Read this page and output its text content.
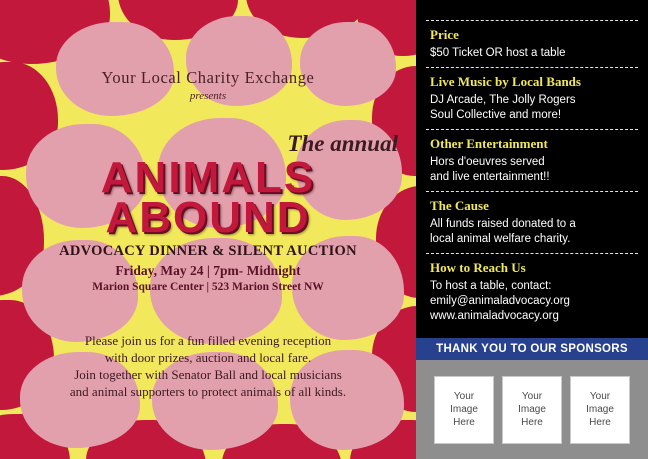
Your Local Charity Exchange
presents
The annual
ANIMALS
ABOUND
ADVOCACY DINNER & SILENT AUCTION
Friday, May 24 | 7pm- Midnight
Marion Square Center | 523 Marion Street NW
Please join us for a fun filled evening reception
with door prizes, auction and local fare.
Join together with Senator Ball and local musicians
and animal supporters to protect animals of all kinds.
Price
$50 Ticket OR host a table
Live Music by Local Bands
DJ Arcade, The Jolly Rogers
Soul Collective and more!
Other Entertainment
Hors d'oeuvres served
and live entertainment!!
The Cause
All funds raised donated to a
local animal welfare charity.
How to Reach Us
To host a table, contact:
emily@animaladvocacy.org
www.animaladvocacy.org
THANK YOU TO OUR SPONSORS
Your
Image
Here
Your
Image
Here
Your
Image
Here
